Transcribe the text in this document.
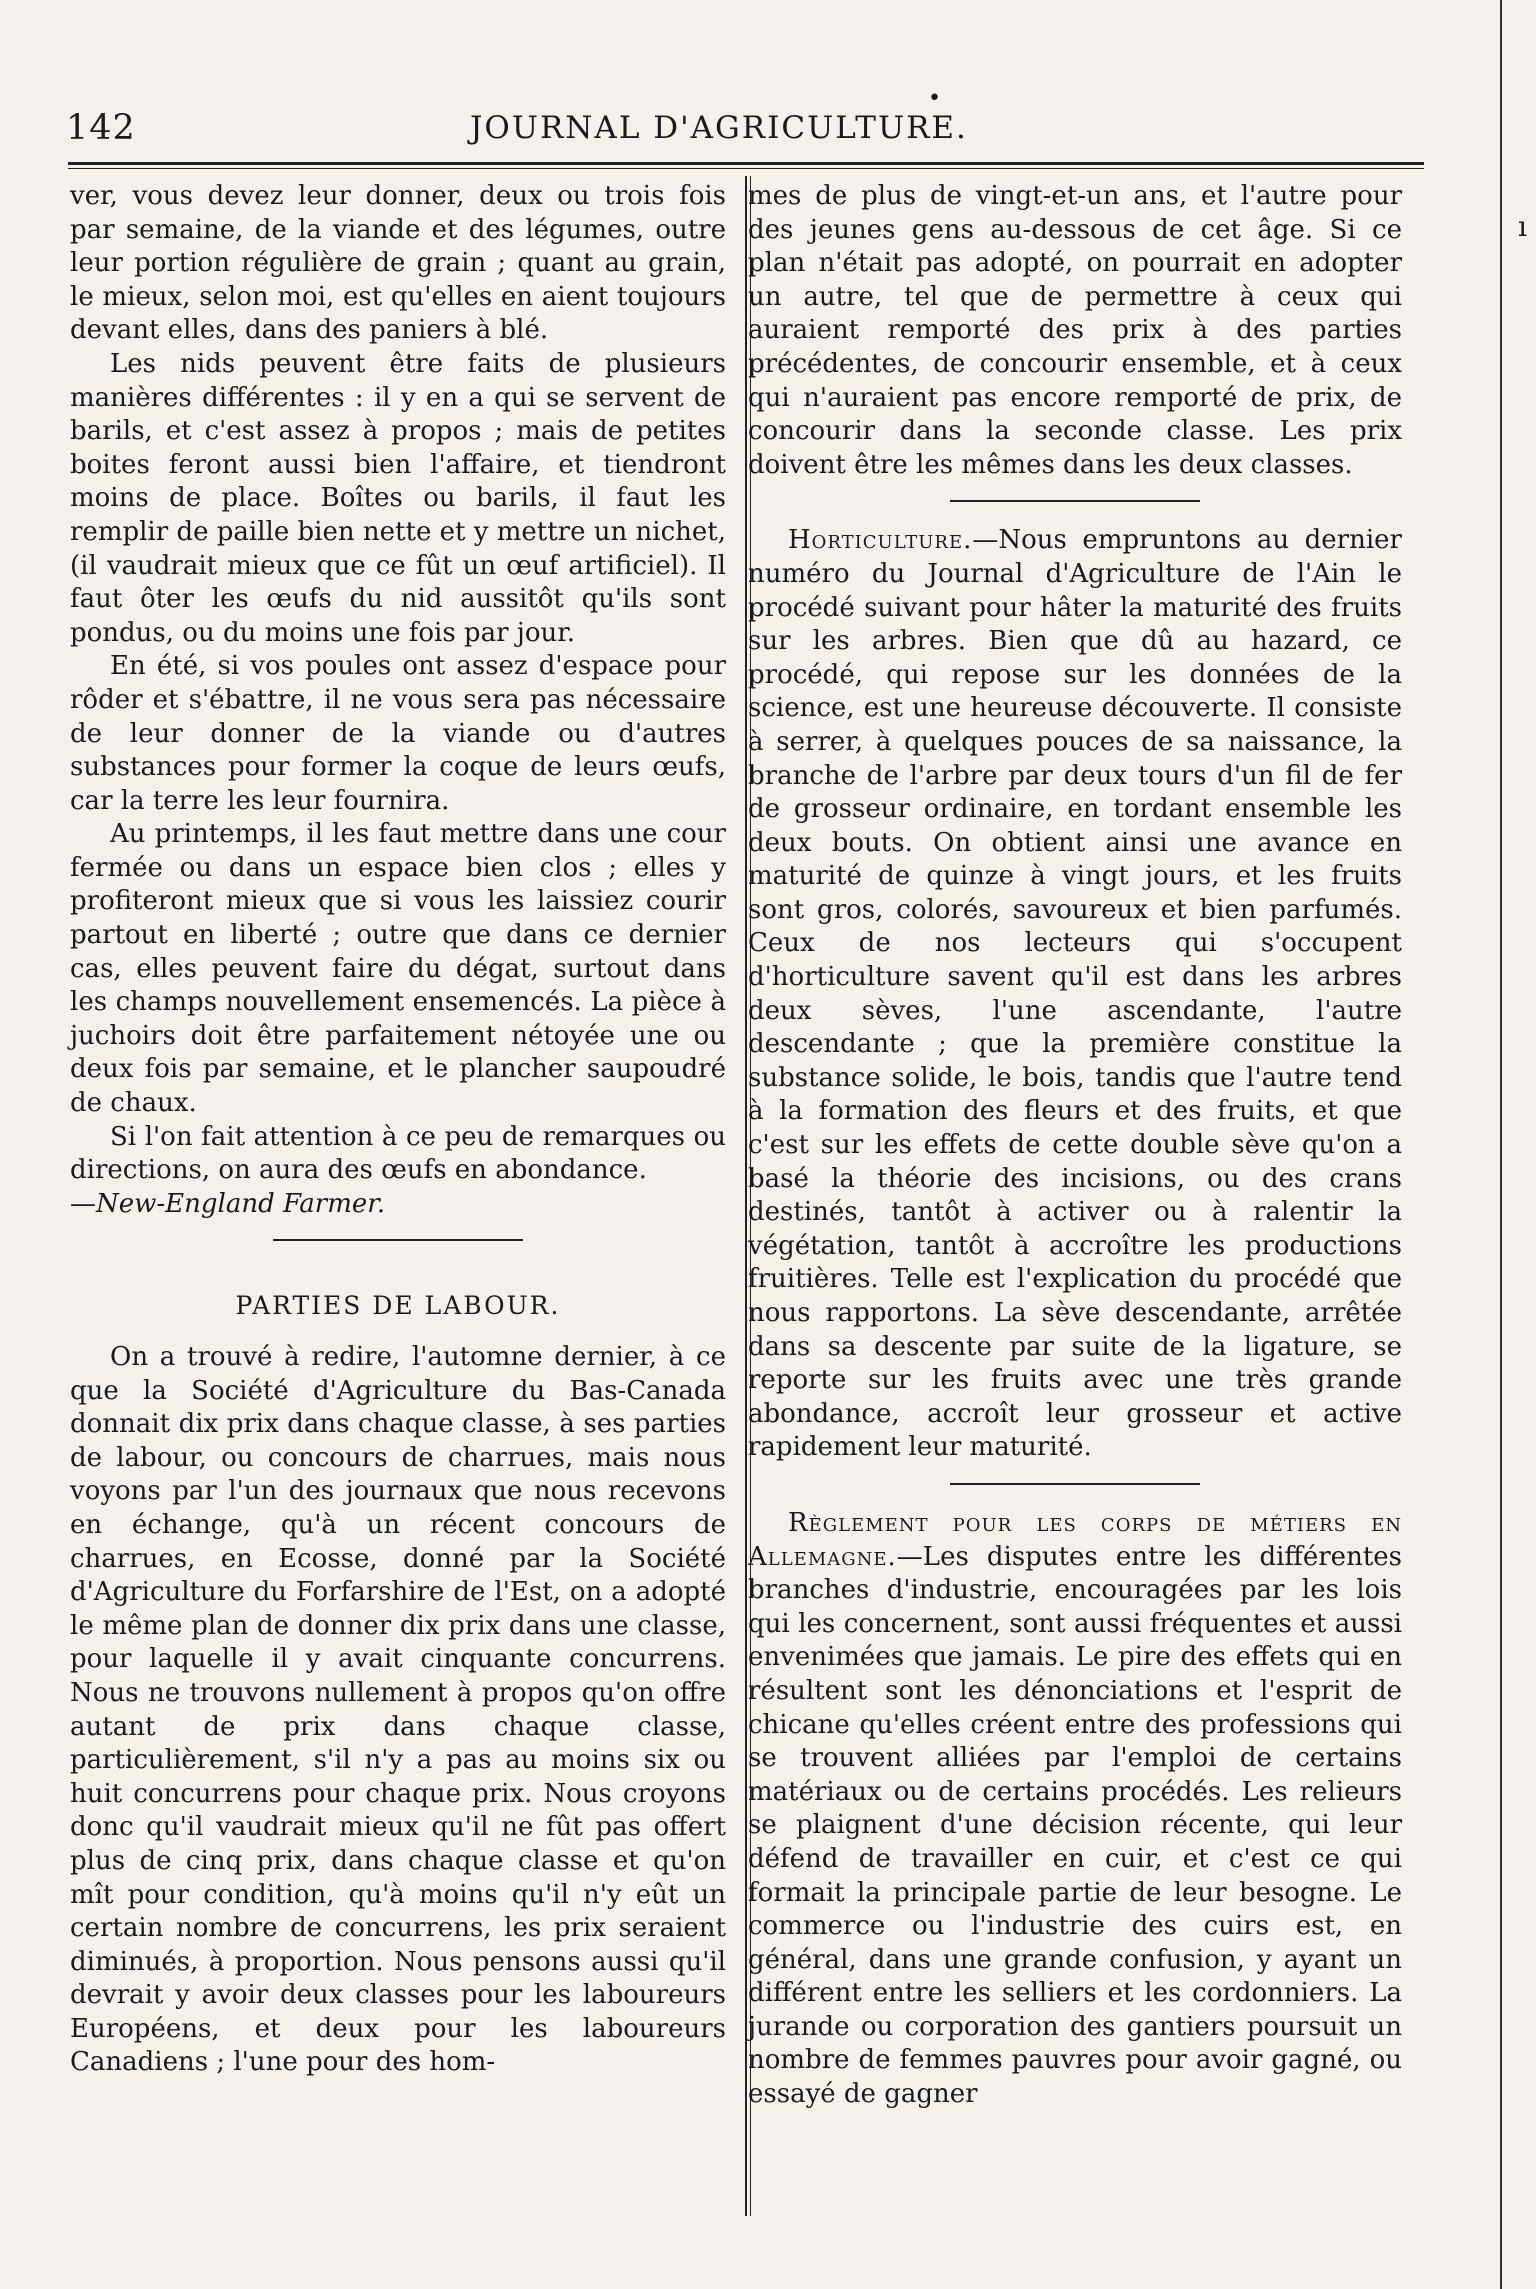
•
142	JOURNAL D'AGRICULTURE.
ı

ver, vous devez leur donner, deux ou trois fois par semaine, de la viande et des légumes, outre leur portion régulière de grain ; quant au grain, le mieux, selon moi, est qu'elles en aient toujours devant elles, dans des paniers à blé.

Les nids peuvent être faits de plusieurs manières différentes : il y en a qui se servent de barils, et c'est assez à propos ; mais de petites boites feront aussi bien l'affaire, et tiendront moins de place. Boîtes ou barils, il faut les remplir de paille bien nette et y mettre un nichet, (il vaudrait mieux que ce fût un œuf artificiel). Il faut ôter les œufs du nid aussitôt qu'ils sont pondus, ou du moins une fois par jour.

En été, si vos poules ont assez d'espace pour rôder et s'ébattre, il ne vous sera pas nécessaire de leur donner de la viande ou d'autres substances pour former la coque de leurs œufs, car la terre les leur fournira.

Au printemps, il les faut mettre dans une cour fermée ou dans un espace bien clos ; elles y profiteront mieux que si vous les laissiez courir partout en liberté ; outre que dans ce dernier cas, elles peuvent faire du dégat, surtout dans les champs nouvellement ensemencés. La pièce à juchoirs doit être parfaitement nétoyée une ou deux fois par semaine, et le plancher saupoudré de chaux.

Si l'on fait attention à ce peu de remarques ou directions, on aura des œufs en abondance.

—New-England Farmer.

PARTIES DE LABOUR.

On a trouvé à redire, l'automne dernier, à ce que la Société d'Agriculture du Bas-Canada donnait dix prix dans chaque classe, à ses parties de labour, ou concours de charrues, mais nous voyons par l'un des journaux que nous recevons en échange, qu'à un récent concours de charrues, en Ecosse, donné par la Société d'Agriculture du Forfarshire de l'Est, on a adopté le même plan de donner dix prix dans une classe, pour laquelle il y avait cinquante concurrens. Nous ne trouvons nullement à propos qu'on offre autant de prix dans chaque classe, particulièrement, s'il n'y a pas au moins six ou huit concurrens pour chaque prix. Nous croyons donc qu'il vaudrait mieux qu'il ne fût pas offert plus de cinq prix, dans chaque classe et qu'on mît pour condition, qu'à moins qu'il n'y eût un certain nombre de concurrens, les prix seraient diminués, à proportion. Nous pensons aussi qu'il devrait y avoir deux classes pour les laboureurs Européens, et deux pour les laboureurs Canadiens ; l'une pour des hom-

mes de plus de vingt-et-un ans, et l'autre pour des jeunes gens au-dessous de cet âge. Si ce plan n'était pas adopté, on pourrait en adopter un autre, tel que de permettre à ceux qui auraient remporté des prix à des parties précédentes, de concourir ensemble, et à ceux qui n'auraient pas encore remporté de prix, de concourir dans la seconde classe. Les prix doivent être les mêmes dans les deux classes.

Horticulture.—Nous empruntons au dernier numéro du Journal d'Agriculture de l'Ain le procédé suivant pour hâter la maturité des fruits sur les arbres. Bien que dû au hazard, ce procédé, qui repose sur les données de la science, est une heureuse découverte. Il consiste à serrer, à quelques pouces de sa naissance, la branche de l'arbre par deux tours d'un fil de fer de grosseur ordinaire, en tordant ensemble les deux bouts. On obtient ainsi une avance en maturité de quinze à vingt jours, et les fruits sont gros, colorés, savoureux et bien parfumés. Ceux de nos lecteurs qui s'occupent d'horticulture savent qu'il est dans les arbres deux sèves, l'une ascendante, l'autre descendante ; que la première constitue la substance solide, le bois, tandis que l'autre tend à la formation des fleurs et des fruits, et que c'est sur les effets de cette double sève qu'on a basé la théorie des incisions, ou des crans destinés, tantôt à activer ou à ralentir la végétation, tantôt à accroître les productions fruitières. Telle est l'explication du procédé que nous rapportons. La sève descendante, arrêtée dans sa descente par suite de la ligature, se reporte sur les fruits avec une très grande abondance, accroît leur grosseur et active rapidement leur maturité.

Règlement pour les corps de métiers en Allemagne.—Les disputes entre les différentes branches d'industrie, encouragées par les lois qui les concernent, sont aussi fréquentes et aussi envenimées que jamais. Le pire des effets qui en résultent sont les dénonciations et l'esprit de chicane qu'elles créent entre des professions qui se trouvent alliées par l'emploi de certains matériaux ou de certains procédés. Les relieurs se plaignent d'une décision récente, qui leur défend de travailler en cuir, et c'est ce qui formait la principale partie de leur besogne. Le commerce ou l'industrie des cuirs est, en général, dans une grande confusion, y ayant un différent entre les selliers et les cordonniers. La jurande ou corporation des gantiers poursuit un nombre de femmes pauvres pour avoir gagné, ou essayé de gagner
